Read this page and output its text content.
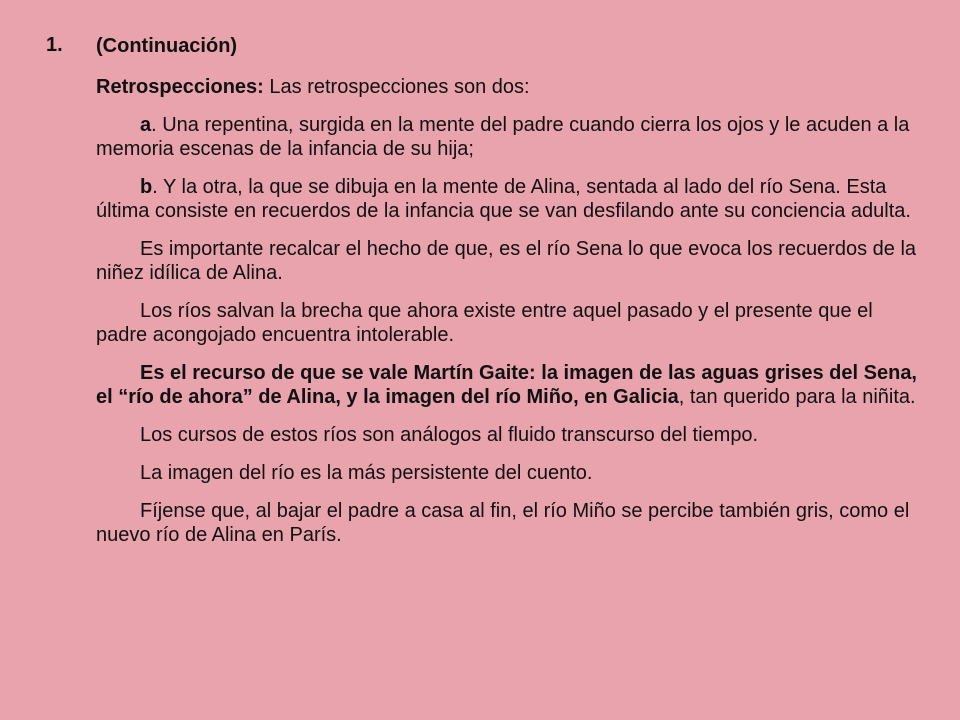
1. (Continuación)

Retrospecciones: Las retrospecciones son dos:

a. Una repentina, surgida en la mente del padre cuando cierra los ojos y le acuden a la memoria escenas de la infancia de su hija;

b. Y la otra, la que se dibuja en la mente de Alina, sentada al lado del río Sena. Esta última consiste en recuerdos de la infancia que se van desfilando ante su conciencia adulta.

Es importante recalcar el hecho de que, es el río Sena lo que evoca los recuerdos de la niñez idílica de Alina.

Los ríos salvan la brecha que ahora existe entre aquel pasado y el presente que el padre acongojado encuentra intolerable.

Es el recurso de que se vale Martín Gaite: la imagen de las aguas grises del Sena, el “río de ahora” de Alina, y la imagen del río Miño, en Galicia, tan querido para la niñita.

Los cursos de estos ríos son análogos al fluido transcurso del tiempo.

La imagen del río es la más persistente del cuento.

Fíjense que, al bajar el padre a casa al fin, el río Miño se percibe también gris, como el nuevo río de Alina en París.
